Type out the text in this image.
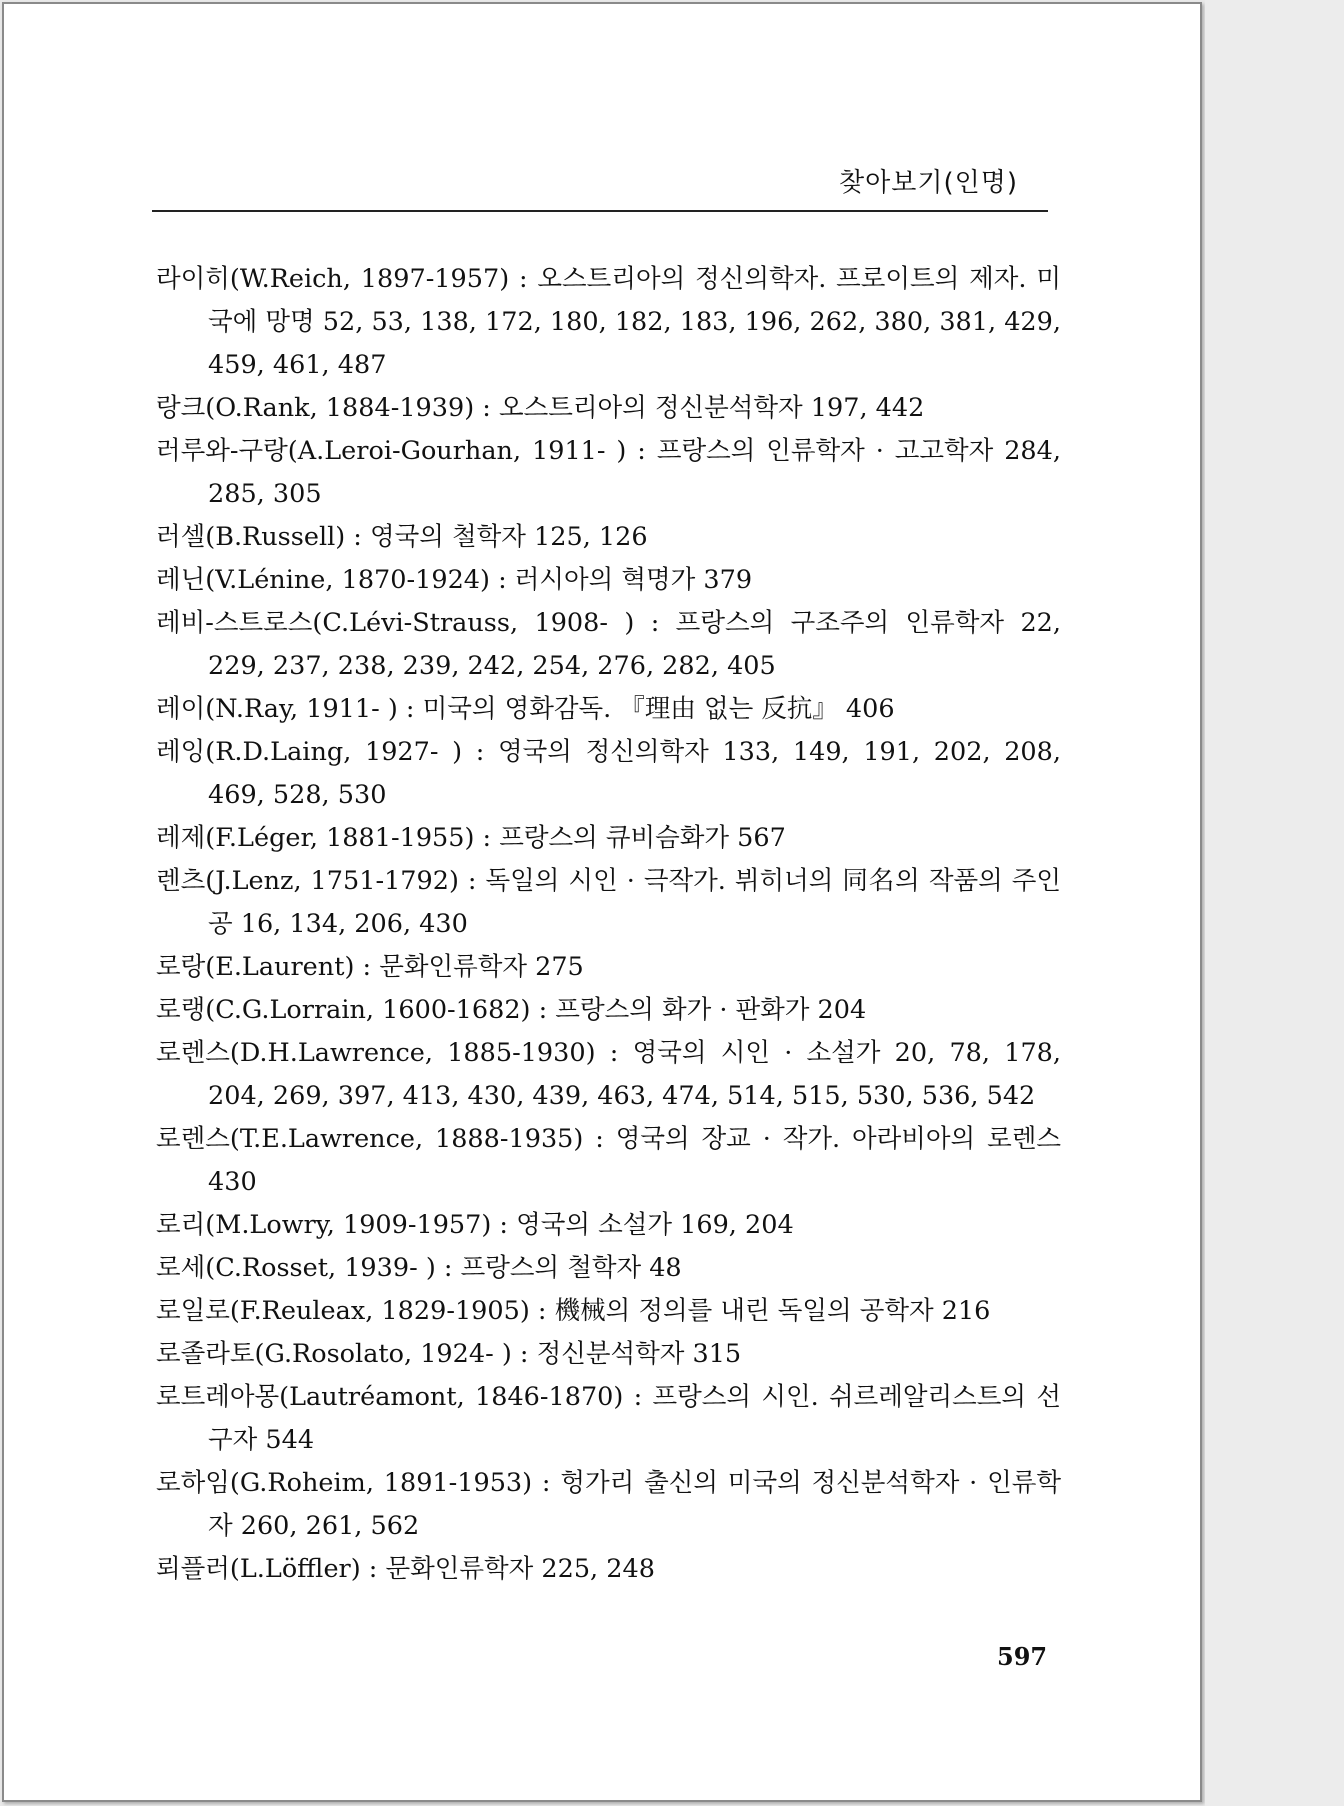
찾아보기(인명)

라이히(W.Reich, 1897-1957) : 오스트리아의 정신의학자. 프로이트의 제자. 미국에 망명 52, 53, 138, 172, 180, 182, 183, 196, 262, 380, 381, 429, 459, 461, 487

랑크(O.Rank, 1884-1939) : 오스트리아의 정신분석학자 197, 442

러루와-구랑(A.Leroi-Gourhan, 1911- ) : 프랑스의 인류학자 · 고고학자 284, 285, 305

러셀(B.Russell) : 영국의 철학자 125, 126

레닌(V.Lénine, 1870-1924) : 러시아의 혁명가 379

레비-스트로스(C.Lévi-Strauss, 1908- ) : 프랑스의 구조주의 인류학자 22, 229, 237, 238, 239, 242, 254, 276, 282, 405

레이(N.Ray, 1911- ) : 미국의 영화감독. 『理由 없는 反抗』 406

레잉(R.D.Laing, 1927- ) : 영국의 정신의학자 133, 149, 191, 202, 208, 469, 528, 530

레제(F.Léger, 1881-1955) : 프랑스의 큐비슴화가 567

렌츠(J.Lenz, 1751-1792) : 독일의 시인 · 극작가. 뷔히너의 同名의 작품의 주인공 16, 134, 206, 430

로랑(E.Laurent) : 문화인류학자 275

로랭(C.G.Lorrain, 1600-1682) : 프랑스의 화가 · 판화가 204

로렌스(D.H.Lawrence, 1885-1930) : 영국의 시인 · 소설가 20, 78, 178, 204, 269, 397, 413, 430, 439, 463, 474, 514, 515, 530, 536, 542

로렌스(T.E.Lawrence, 1888-1935) : 영국의 장교 · 작가. 아라비아의 로렌스 430

로리(M.Lowry, 1909-1957) : 영국의 소설가 169, 204

로세(C.Rosset, 1939- ) : 프랑스의 철학자 48

로일로(F.Reuleax, 1829-1905) : 機械의 정의를 내린 독일의 공학자 216

로졸라토(G.Rosolato, 1924- ) : 정신분석학자 315

로트레아몽(Lautréamont, 1846-1870) : 프랑스의 시인. 쉬르레알리스트의 선구자 544

로하임(G.Roheim, 1891-1953) : 헝가리 출신의 미국의 정신분석학자 · 인류학자 260, 261, 562

뢰플러(L.Löffler) : 문화인류학자 225, 248

597
